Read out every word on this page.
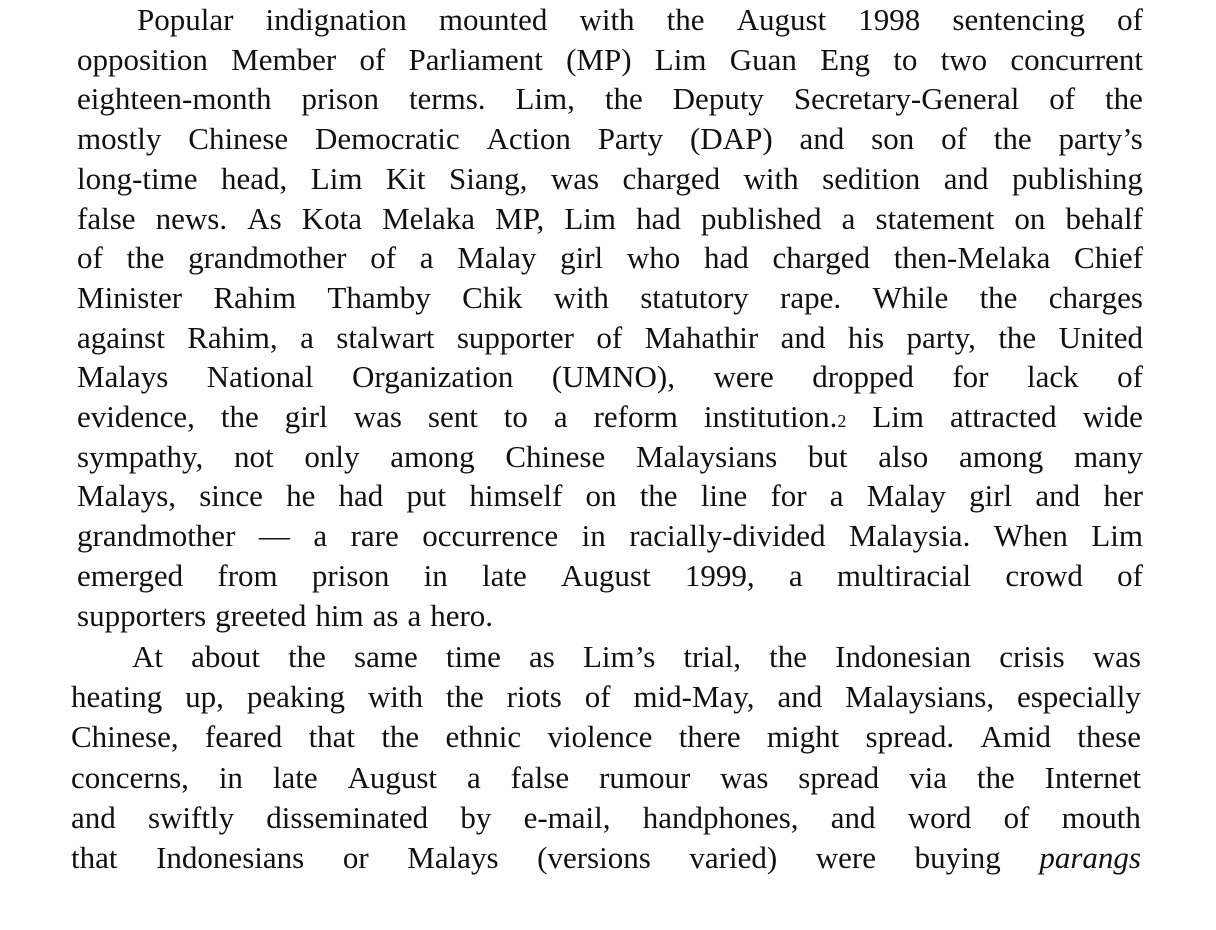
Popular indignation mounted with the August 1998 sentencing of
opposition Member of Parliament (MP) Lim Guan Eng to two concurrent
eighteen-month prison terms. Lim, the Deputy Secretary-General of the
mostly Chinese Democratic Action Party (DAP) and son of the party’s
long-time head, Lim Kit Siang, was charged with sedition and publishing
false news. As Kota Melaka MP, Lim had published a statement on behalf
of the grandmother of a Malay girl who had charged then-Melaka Chief
Minister Rahim Thamby Chik with statutory rape. While the charges
against Rahim, a stalwart supporter of Mahathir and his party, the United
Malays National Organization (UMNO), were dropped for lack of
evidence, the girl was sent to a reform institution.$^2$ Lim attracted wide
sympathy, not only among Chinese Malaysians but also among many
Malays, since he had put himself on the line for a Malay girl and her
grandmother — a rare occurrence in racially-divided Malaysia. When Lim
emerged from prison in late August 1999, a multiracial crowd of
supporters greeted him as a hero.
At about the same time as Lim’s trial, the Indonesian crisis was
heating up, peaking with the riots of mid-May, and Malaysians, especially
Chinese, feared that the ethnic violence there might spread. Amid these
concerns, in late August a false rumour was spread via the Internet
and swiftly disseminated by e-mail, handphones, and word of mouth
that Indonesians or Malays (versions varied) were buying parangs
